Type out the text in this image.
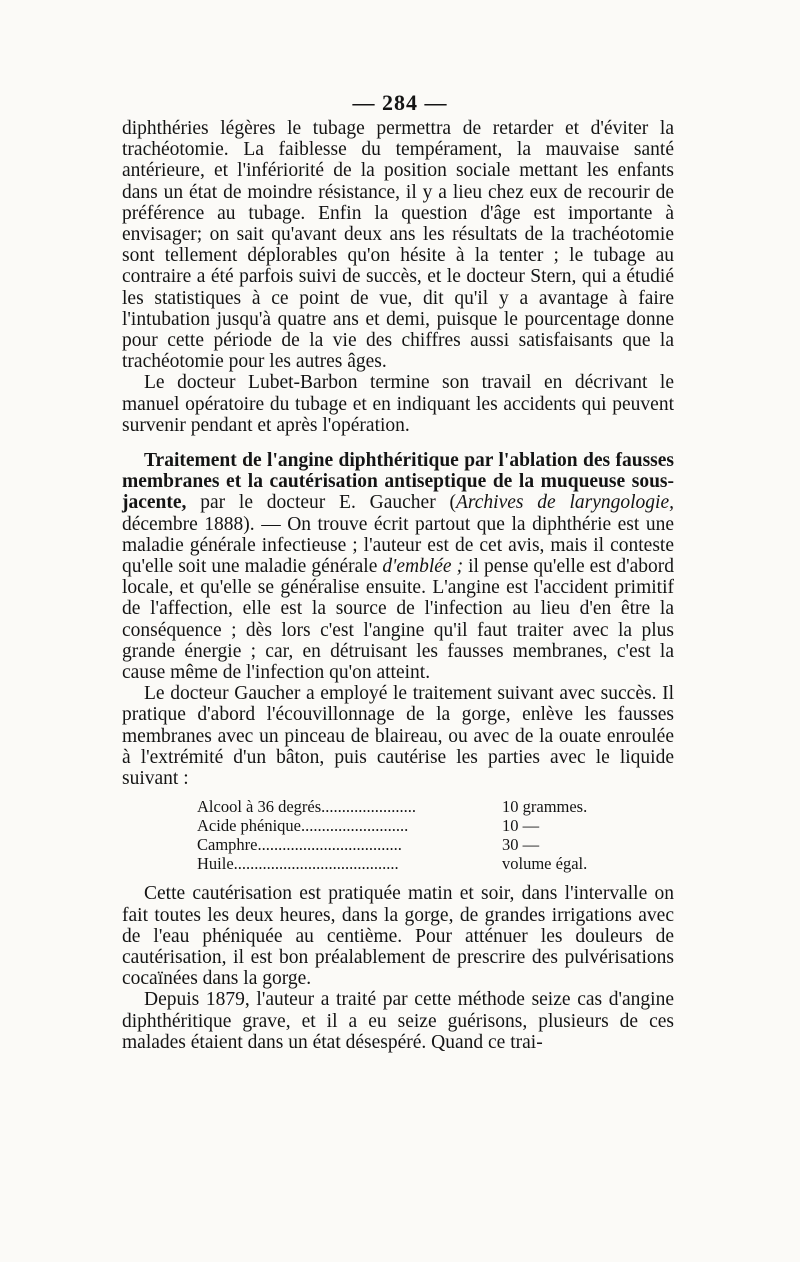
— 284 —

diphthéries légères le tubage permettra de retarder et d'éviter la trachéotomie. La faiblesse du tempérament, la mauvaise santé antérieure, et l'infériorité de la position sociale mettant les enfants dans un état de moindre résistance, il y a lieu chez eux de recourir de préférence au tubage. Enfin la question d'âge est importante à envisager; on sait qu'avant deux ans les résultats de la trachéotomie sont tellement déplorables qu'on hésite à la tenter ; le tubage au contraire a été parfois suivi de succès, et le docteur Stern, qui a étudié les statistiques à ce point de vue, dit qu'il y a avantage à faire l'intubation jusqu'à quatre ans et demi, puisque le pourcentage donne pour cette période de la vie des chiffres aussi satisfaisants que la trachéotomie pour les autres âges.

Le docteur Lubet-Barbon termine son travail en décrivant le manuel opératoire du tubage et en indiquant les accidents qui peuvent survenir pendant et après l'opération.

Traitement de l'angine diphthéritique par l'ablation des fausses membranes et la cautérisation antiseptique de la muqueuse sous-jacente, par le docteur E. Gaucher (Archives de laryngologie, décembre 1888). — On trouve écrit partout que la diphthérie est une maladie générale infectieuse ; l'auteur est de cet avis, mais il conteste qu'elle soit une maladie générale d'emblée ; il pense qu'elle est d'abord locale, et qu'elle se généralise ensuite. L'angine est l'accident primitif de l'affection, elle est la source de l'infection au lieu d'en être la conséquence ; dès lors c'est l'angine qu'il faut traiter avec la plus grande énergie ; car, en détruisant les fausses membranes, c'est la cause même de l'infection qu'on atteint.

Le docteur Gaucher a employé le traitement suivant avec succès. Il pratique d'abord l'écouvillonnage de la gorge, enlève les fausses membranes avec un pinceau de blaireau, ou avec de la ouate enroulée à l'extrémité d'un bâton, puis cautérise les parties avec le liquide suivant :

Alcool à 36 degrés.......................	10 grammes.
Acide phénique..........................	10 —
Camphre...................................	30 —
Huile........................................	volume égal.

Cette cautérisation est pratiquée matin et soir, dans l'intervalle on fait toutes les deux heures, dans la gorge, de grandes irrigations avec de l'eau phéniquée au centième. Pour atténuer les douleurs de cautérisation, il est bon préalablement de prescrire des pulvérisations cocaïnées dans la gorge.

Depuis 1879, l'auteur a traité par cette méthode seize cas d'angine diphthéritique grave, et il a eu seize guérisons, plusieurs de ces malades étaient dans un état désespéré. Quand ce trai-
